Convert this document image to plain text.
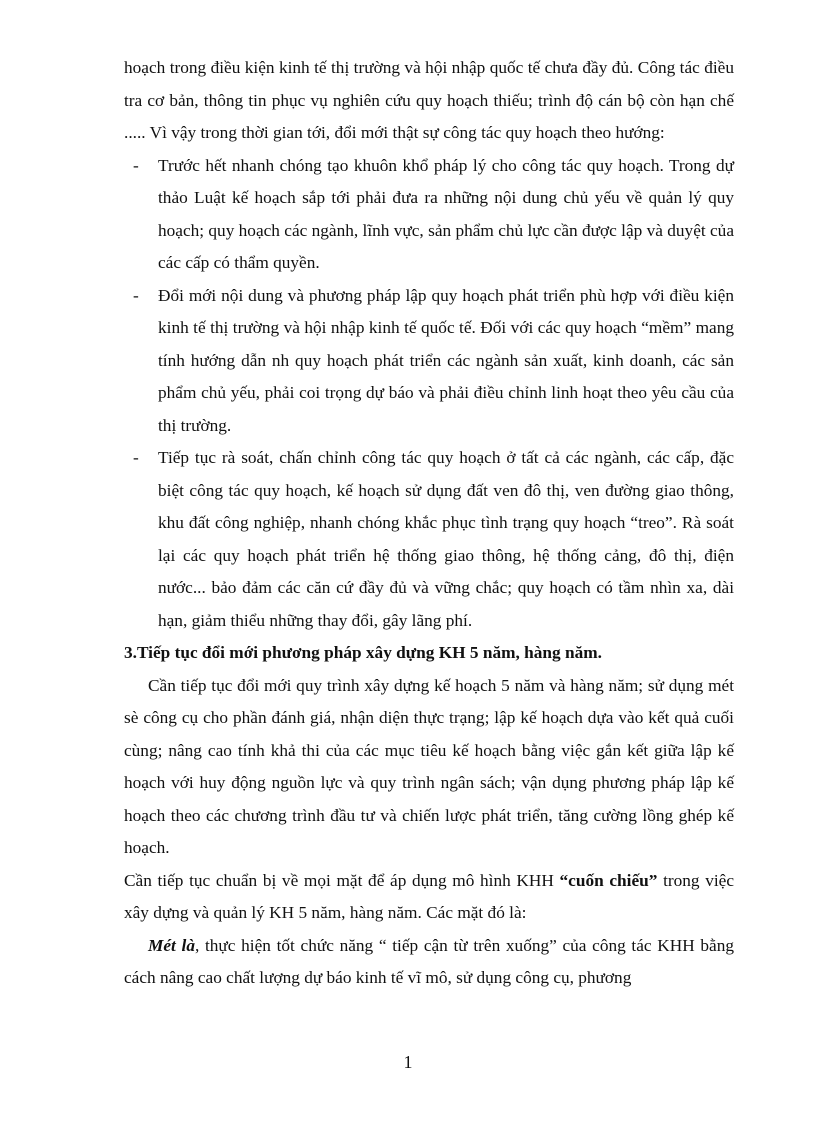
hoạch trong điều kiện kinh tế thị trường và hội nhập quốc tế chưa đầy đủ. Công tác điều tra cơ bản, thông tin phục vụ nghiên cứu quy hoạch thiếu; trình độ cán bộ còn hạn chế ..... Vì vậy trong thời gian tới, đổi mới thật sự công tác quy hoạch theo hướng:

- Trước hết nhanh chóng tạo khuôn khổ pháp lý cho công tác quy hoạch. Trong dự thảo Luật kế hoạch sắp tới phải đưa ra những nội dung chủ yếu về quản lý quy hoạch; quy hoạch các ngành, lĩnh vực, sản phẩm chủ lực cần được lập và duyệt của các cấp có thẩm quyền.
- Đổi mới nội dung và phương pháp lập quy hoạch phát triển phù hợp với điều kiện kinh tế thị trường và hội nhập kinh tế quốc tế. Đối với các quy hoạch “mềm” mang tính hướng dẫn nh quy hoạch phát triển các ngành sản xuất, kinh doanh, các sản phẩm chủ yếu, phải coi trọng dự báo và phải điều chỉnh linh hoạt theo yêu cầu của thị trường.
- Tiếp tục rà soát, chấn chỉnh công tác quy hoạch ở tất cả các ngành, các cấp, đặc biệt công tác quy hoạch, kế hoạch sử dụng đất ven đô thị, ven đường giao thông, khu đất công nghiệp, nhanh chóng khắc phục tình trạng quy hoạch “treo”. Rà soát lại các quy hoạch phát triển hệ thống giao thông, hệ thống cảng, đô thị, điện nước... bảo đảm các căn cứ đầy đủ và vững chắc; quy hoạch có tầm nhìn xa, dài hạn, giảm thiểu những thay đổi, gây lãng phí.

3.Tiếp tục đổi mới phương pháp xây dựng KH 5 năm, hàng năm.

Cần tiếp tục đổi mới quy trình xây dựng kế hoạch 5 năm và hàng năm; sử dụng mét sè công cụ cho phần đánh giá, nhận diện thực trạng; lập kế hoạch dựa vào kết quả cuối cùng; nâng cao tính khả thi của các mục tiêu kế hoạch bằng việc gắn kết giữa lập kế hoạch với huy động nguồn lực và quy trình ngân sách; vận dụng phương pháp lập kế hoạch theo các chương trình đầu tư và chiến lược phát triển, tăng cường lồng ghép kế hoạch.

Cần tiếp tục chuẩn bị về mọi mặt để áp dụng mô hình KHH “cuốn chiếu” trong việc xây dựng và quản lý KH 5 năm, hàng năm. Các mặt đó là:

Mét là, thực hiện tốt chức năng “ tiếp cận từ trên xuống” của công tác KHH bằng cách nâng cao chất lượng dự báo kinh tế vĩ mô, sử dụng công cụ, phương

1
